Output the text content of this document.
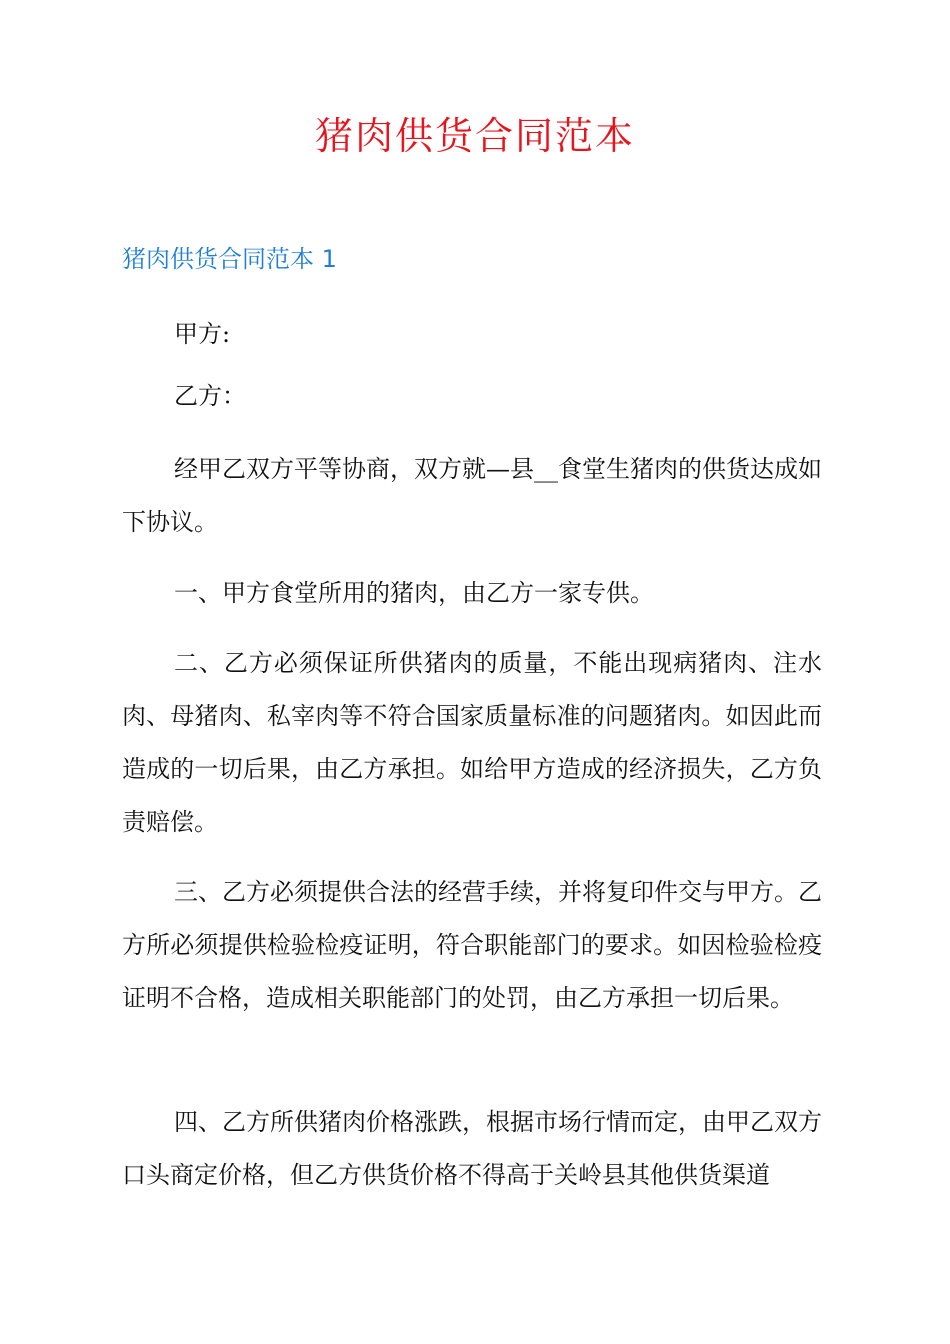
猪肉供货合同范本
猪肉供货合同范本 1

甲方:

乙方：

经甲乙双方平等协商，双方就—县__食堂生猪肉的供货达成如下协议。

一、甲方食堂所用的猪肉，由乙方一家专供。

二、乙方必须保证所供猪肉的质量，不能出现病猪肉、注水肉、母猪肉、私宰肉等不符合国家质量标准的问题猪肉。如因此而造成的一切后果，由乙方承担。如给甲方造成的经济损失，乙方负责赔偿。

三、乙方必须提供合法的经营手续，并将复印件交与甲方。乙方所必须提供检验检疫证明，符合职能部门的要求。如因检验检疫证明不合格，造成相关职能部门的处罚，由乙方承担一切后果。

四、乙方所供猪肉价格涨跌，根据市场行情而定，由甲乙双方口头商定价格，但乙方供货价格不得高于关岭县其他供货渠道
